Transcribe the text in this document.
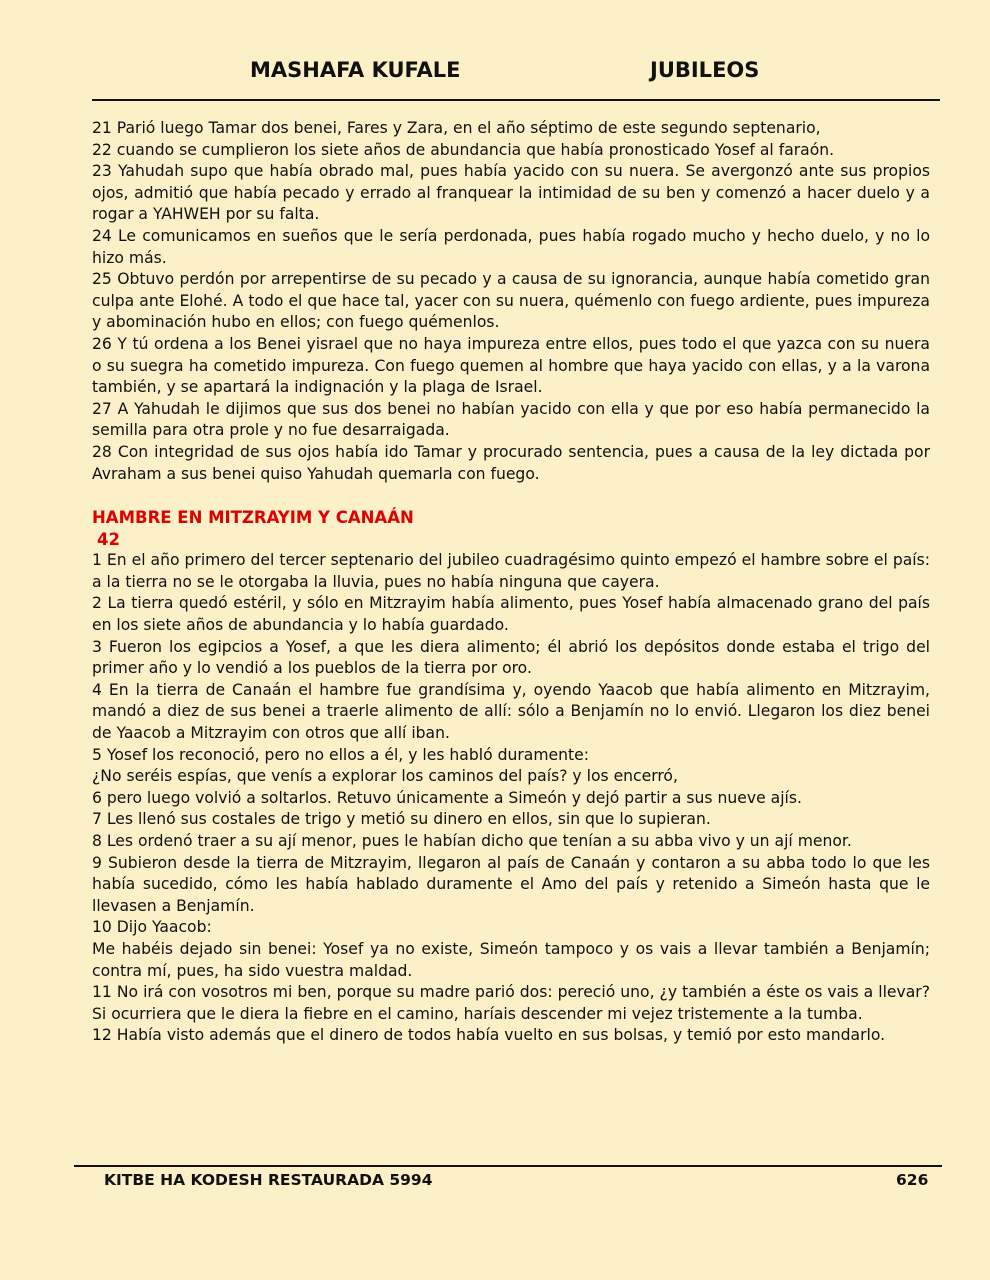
MASHAFA KUFALE	JUBILEOS

21 Parió luego Tamar dos benei, Fares y Zara, en el año séptimo de este segundo septenario,

22 cuando se cumplieron los siete años de abundancia que había pronosticado Yosef al faraón.

23 Yahudah supo que había obrado mal, pues había yacido con su nuera. Se avergonzó ante sus propios ojos, admitió que había pecado y errado al franquear la intimidad de su ben y comenzó a hacer duelo y a rogar a YAHWEH por su falta.

24 Le comunicamos en sueños que le sería perdonada, pues había rogado mucho y hecho duelo, y no lo hizo más.

25 Obtuvo perdón por arrepentirse de su pecado y a causa de su ignorancia, aunque había cometido gran culpa ante Elohé. A todo el que hace tal, yacer con su nuera, quémenlo con fuego ardiente, pues impureza y abominación hubo en ellos; con fuego quémenlos.

26 Y tú ordena a los Benei yisrael que no haya impureza entre ellos, pues todo el que yazca con su nuera o su suegra ha cometido impureza. Con fuego quemen al hombre que haya yacido con ellas, y a la varona también, y se apartará la indignación y la plaga de Israel.

27 A Yahudah le dijimos que sus dos benei no habían yacido con ella y que por eso había permanecido la semilla para otra prole y no fue desarraigada.

28 Con integridad de sus ojos había ido Tamar y procurado sentencia, pues a causa de la ley dictada por Avraham a sus benei quiso Yahudah quemarla con fuego.

HAMBRE EN MITZRAYIM Y CANAÁN

42

1 En el año primero del tercer septenario del jubileo cuadragésimo quinto empezó el hambre sobre el país: a la tierra no se le otorgaba la lluvia, pues no había ninguna que cayera.

2 La tierra quedó estéril, y sólo en Mitzrayim había alimento, pues Yosef había almacenado grano del país en los siete años de abundancia y lo había guardado.

3 Fueron los egipcios a Yosef, a que les diera alimento; él abrió los depósitos donde estaba el trigo del primer año y lo vendió a los pueblos de la tierra por oro.

4 En la tierra de Canaán el hambre fue grandísima y, oyendo Yaacob que había alimento en Mitzrayim, mandó a diez de sus benei a traerle alimento de allí: sólo a Benjamín no lo envió. Llegaron los diez benei de Yaacob a Mitzrayim con otros que allí iban.

5 Yosef los reconoció, pero no ellos a él, y les habló duramente:

¿No seréis espías, que venís a explorar los caminos del país? y los encerró,

6 pero luego volvió a soltarlos. Retuvo únicamente a Simeón y dejó partir a sus nueve ajís.

7 Les llenó sus costales de trigo y metió su dinero en ellos, sin que lo supieran.

8 Les ordenó traer a su ají menor, pues le habían dicho que tenían a su abba vivo y un ají menor.

9 Subieron desde la tierra de Mitzrayim, llegaron al país de Canaán y contaron a su abba todo lo que les había sucedido, cómo les había hablado duramente el Amo del país y retenido a Simeón hasta que le llevasen a Benjamín.

10 Dijo Yaacob:

Me habéis dejado sin benei: Yosef ya no existe, Simeón tampoco y os vais a llevar también a Benjamín; contra mí, pues, ha sido vuestra maldad.

11 No irá con vosotros mi ben, porque su madre parió dos: pereció uno, ¿y también a éste os vais a llevar? Si ocurriera que le diera la fiebre en el camino, haríais descender mi vejez tristemente a la tumba.

12 Había visto además que el dinero de todos había vuelto en sus bolsas, y temió por esto mandarlo.

KITBE HA KODESH RESTAURADA 5994	626
